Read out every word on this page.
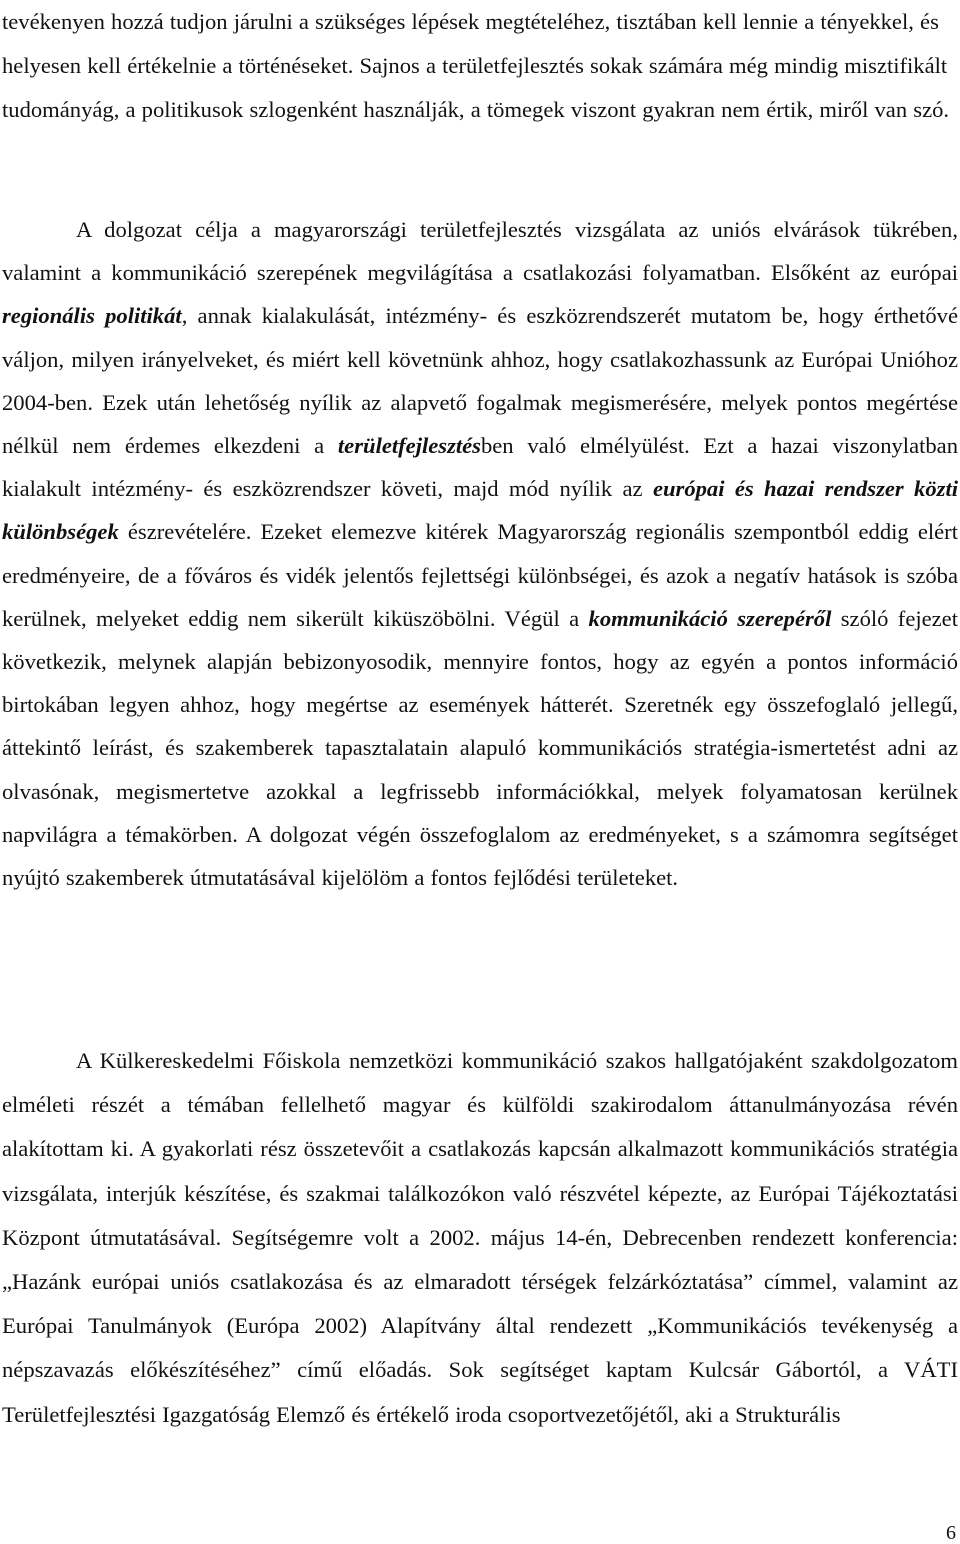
tevékenyen hozzá tudjon járulni a szükséges lépések megtételéhez, tisztában kell lennie a tényekkel, és helyesen kell értékelnie a történéseket. Sajnos a területfejlesztés sokak számára még mindig misztifikált tudományág, a politikusok szlogenként használják, a tömegek viszont gyakran nem értik, miről van szó.

A dolgozat célja a magyarországi területfejlesztés vizsgálata az uniós elvárások tükrében, valamint a kommunikáció szerepének megvilágítása a csatlakozási folyamatban. Elsőként az európai regionális politikát, annak kialakulását, intézmény- és eszközrendszerét mutatom be, hogy érthetővé váljon, milyen irányelveket, és miért kell követnünk ahhoz, hogy csatlakozhassunk az Európai Unióhoz 2004-ben. Ezek után lehetőség nyílik az alapvető fogalmak megismerésére, melyek pontos megértése nélkül nem érdemes elkezdeni a területfejlesztésben való elmélyülést. Ezt a hazai viszonylatban kialakult intézmény- és eszközrendszer követi, majd mód nyílik az európai és hazai rendszer közti különbségek észrevételére. Ezeket elemezve kitérek Magyarország regionális szempontból eddig elért eredményeire, de a főváros és vidék jelentős fejlettségi különbségei, és azok a negatív hatások is szóba kerülnek, melyeket eddig nem sikerült kiküszöbölni. Végül a kommunikáció szerepéről szóló fejezet következik, melynek alapján bebizonyosodik, mennyire fontos, hogy az egyén a pontos információ birtokában legyen ahhoz, hogy megértse az események hátterét. Szeretnék egy összefoglaló jellegű, áttekintő leírást, és szakemberek tapasztalatain alapuló kommunikációs stratégia-ismertetést adni az olvasónak, megismertetve azokkal a legfrissebb információkkal, melyek folyamatosan kerülnek napvilágra a témakörben. A dolgozat végén összefoglalom az eredményeket, s a számomra segítséget nyújtó szakemberek útmutatásával kijelölöm a fontos fejlődési területeket.

A Külkereskedelmi Főiskola nemzetközi kommunikáció szakos hallgatójaként szakdolgozatom elméleti részét a témában fellelhető magyar és külföldi szakirodalom áttanulmányozása révén alakítottam ki. A gyakorlati rész összetevőit a csatlakozás kapcsán alkalmazott kommunikációs stratégia vizsgálata, interjúk készítése, és szakmai találkozókon való részvétel képezte, az Európai Tájékoztatási Központ útmutatásával. Segítségemre volt a 2002. május 14-én, Debrecenben rendezett konferencia: „Hazánk európai uniós csatlakozása és az elmaradott térségek felzárkóztatása” címmel, valamint az Európai Tanulmányok (Európa 2002) Alapítvány által rendezett „Kommunikációs tevékenység a népszavazás előkészítéséhez” című előadás. Sok segítséget kaptam Kulcsár Gábortól, a VÁTI Területfejlesztési Igazgatóság Elemző és értékelő iroda csoportvezetőjétől, aki a Strukturális

6
